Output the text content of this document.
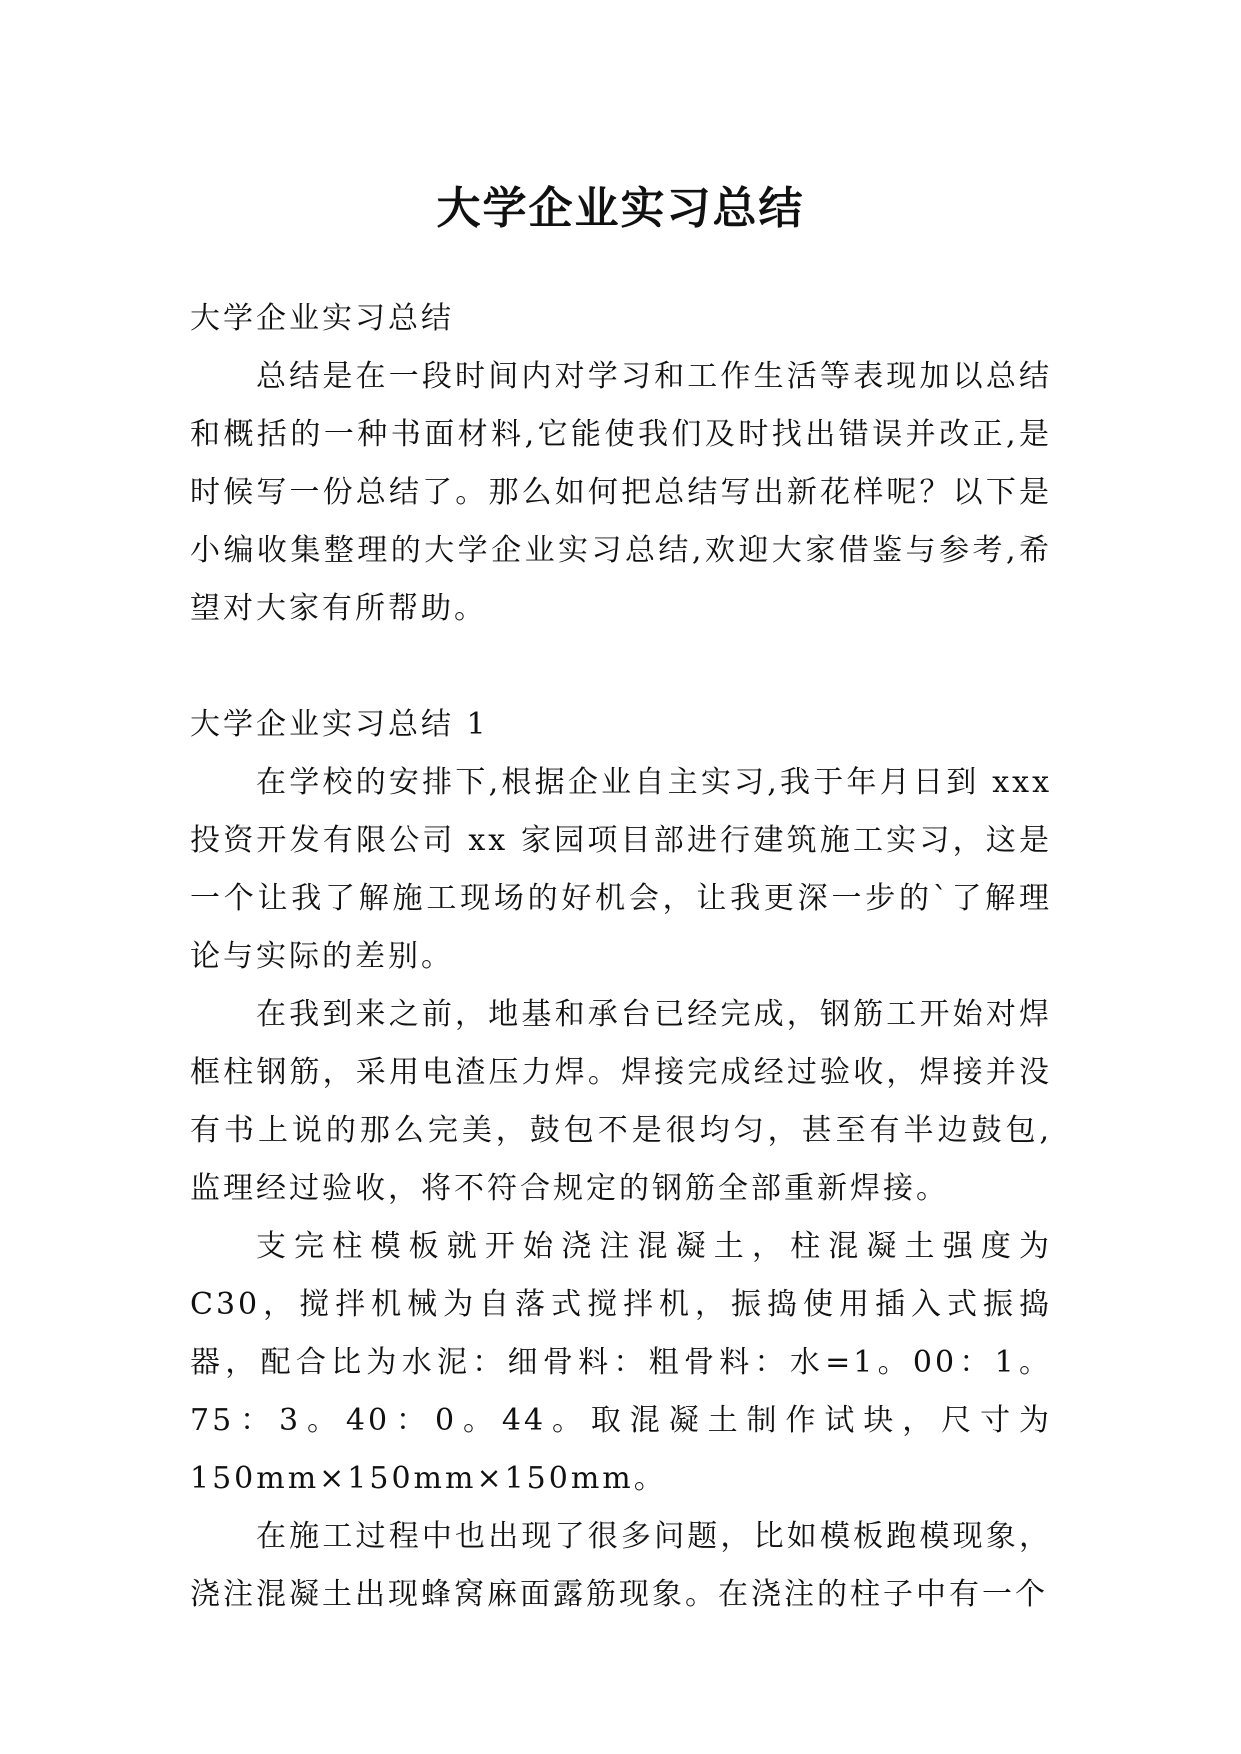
大学企业实习总结

大学企业实习总结

总结是在一段时间内对学习和工作生活等表现加以总结和概括的一种书面材料,它能使我们及时找出错误并改正,是时候写一份总结了。那么如何把总结写出新花样呢？以下是小编收集整理的大学企业实习总结,欢迎大家借鉴与参考,希望对大家有所帮助。

大学企业实习总结 1

在学校的安排下,根据企业自主实习,我于年月日到 xxx 投资开发有限公司 xx 家园项目部进行建筑施工实习，这是一个让我了解施工现场的好机会，让我更深一步的`了解理论与实际的差别。

在我到来之前，地基和承台已经完成，钢筋工开始对焊框柱钢筋，采用电渣压力焊。焊接完成经过验收，焊接并没有书上说的那么完美，鼓包不是很均匀，甚至有半边鼓包,监理经过验收，将不符合规定的钢筋全部重新焊接。

支完柱模板就开始浇注混凝土，柱混凝土强度为 C30，搅拌机械为自落式搅拌机，振捣使用插入式振捣器，配合比为水泥：细骨料：粗骨料：水=1。00：1。75：3。40：0。44。取混凝土制作试块，尺寸为 150mm×150mm×150mm。

在施工过程中也出现了很多问题，比如模板跑模现象，浇注混凝土出现蜂窝麻面露筋现象。在浇注的柱子中有一个
